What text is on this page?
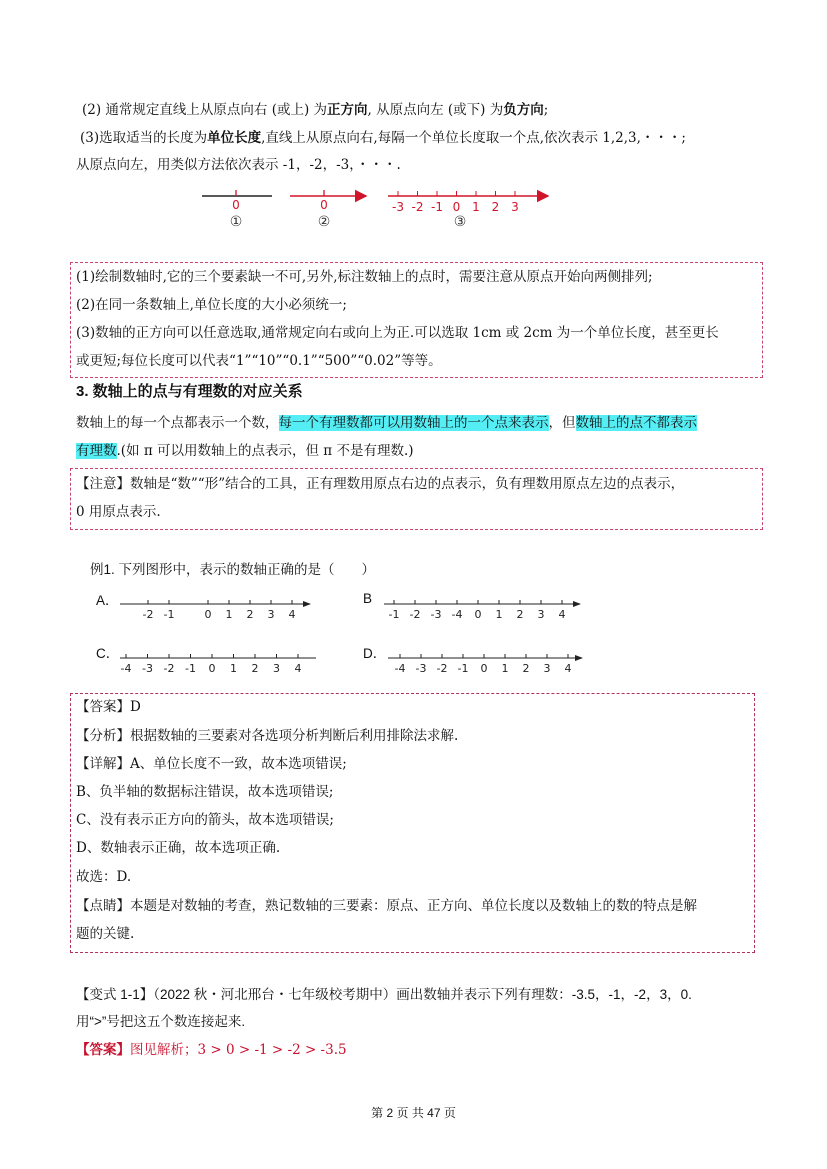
(2) 通常规定直线上从原点向右 (或上) 为正方向, 从原点向左 (或下) 为负方向;
(3)选取适当的长度为单位长度,直线上从原点向右,每隔一个单位长度取一个点,依次表示 1,2,3,・・・;
从原点向左，用类似方法依次表示 -1，-2，-3，・・・.
0
①
0
②
-3 -2 -1 0 1 2 3
③
(1)绘制数轴时,它的三个要素缺一不可,另外,标注数轴上的点时，需要注意从原点开始向两侧排列;
(2)在同一条数轴上,单位长度的大小必须统一;
(3)数轴的正方向可以任意选取,通常规定向右或向上为正.可以选取 1cm 或 2cm 为一个单位长度，甚至更长
或更短;每位长度可以代表“1”“10”“0.1”“500”“0.02”等等。
3. 数轴上的点与有理数的对应关系
数轴上的每一个点都表示一个数，每一个有理数都可以用数轴上的一个点来表示，但数轴上的点不都表示
有理数.(如 π 可以用数轴上的点表示，但 π 不是有理数.)
【注意】数轴是“数”“形”结合的工具，正有理数用原点右边的点表示，负有理数用原点左边的点表示，
0 用原点表示.
例1. 下列图形中，表示的数轴正确的是（　　）
A．	B
C．	D．
-2 -1	0 1 2 3 4	-1 -2 -3 -4 0 1 2 3 4
-4 -3 -2 -1 0 1 2 3 4	-4 -3 -2 -1 0 1 2 3 4
【答案】D
【分析】根据数轴的三要素对各选项分析判断后利用排除法求解.
【详解】A、单位长度不一致，故本选项错误;
B、负半轴的数据标注错误，故本选项错误;
C、没有表示正方向的箭头，故本选项错误;
D、数轴表示正确，故本选项正确.
故选：D.
【点睛】本题是对数轴的考查，熟记数轴的三要素：原点、正方向、单位长度以及数轴上的数的特点是解
题的关键.
【变式 1-1】（2022 秋・河北邢台・七年级校考期中）画出数轴并表示下列有理数：-3.5，-1，-2，3，0.
用“>”号把这五个数连接起来.
【答案】图见解析；3 > 0 > -1 > -2 > -3.5
第 2 页 共 47 页
